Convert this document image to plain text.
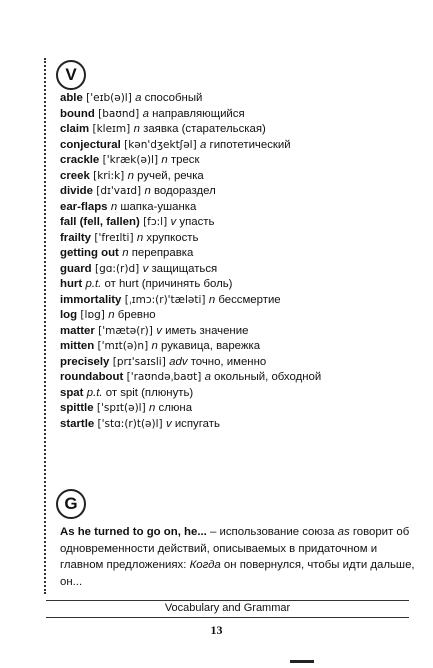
V
able ['eɪb(ə)l] a способный
bound [baʊnd] a направляющийся
claim [kleɪm] n заявка (старательская)
conjectural [kən'dʒektʃəl] a гипотетический
crackle ['kræk(ə)l] n треск
creek [kri:k] n ручей, речка
divide [dɪ'vaɪd] n водораздел
ear-flaps n шапка-ушанка
fall (fell, fallen) [fɔ:l] v упасть
frailty ['freɪlti] n хрупкость
getting out n переправка
guard [gɑ:(r)d] v защищаться
hurt p.t. от hurt (причинять боль)
immortality [ˌɪmɔ:(r)'tæləti] n бессмертие
log [lɒg] n бревно
matter ['mætə(r)] v иметь значение
mitten ['mɪt(ə)n] n рукавица, варежка
precisely [prɪ'saɪsli] adv точно, именно
roundabout ['raʊndəˌbaʊt] a окольный, обходной
spat p.t. от spit (плюнуть)
spittle ['spɪt(ə)l] n слюна
startle ['stɑ:(r)t(ə)l] v испугать
G
As he turned to go on, he... – использование союза as говорит об одновременности действий, описываемых в придаточном и главном предложениях: Когда он повернулся, чтобы идти дальше, он...
Vocabulary and Grammar
13
